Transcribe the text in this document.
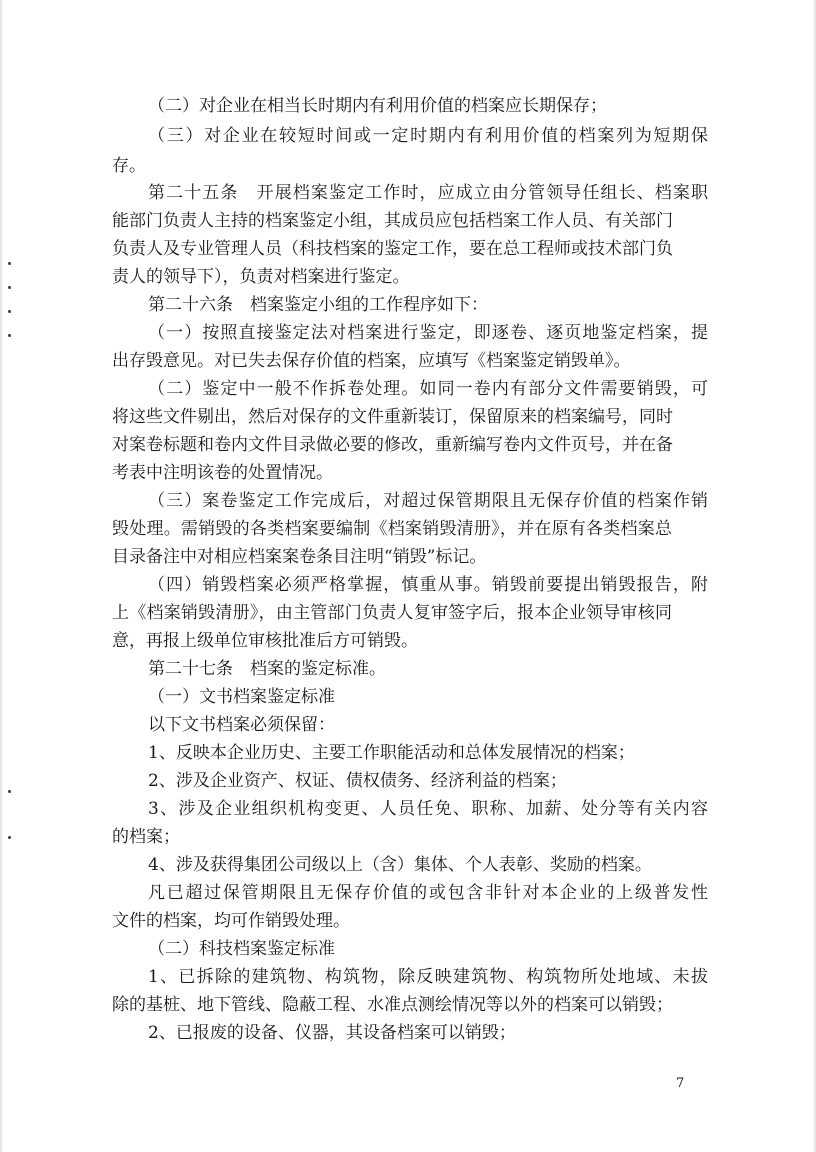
（二）对企业在相当长时期内有利用价值的档案应长期保存；
（三）对企业在较短时间或一定时期内有利用价值的档案列为短期保
存。
第二十五条　开展档案鉴定工作时，应成立由分管领导任组长、档案职
能部门负责人主持的档案鉴定小组，其成员应包括档案工作人员、有关部门
负责人及专业管理人员（科技档案的鉴定工作，要在总工程师或技术部门负
责人的领导下），负责对档案进行鉴定。
第二十六条　档案鉴定小组的工作程序如下：
（一）按照直接鉴定法对档案进行鉴定，即逐卷、逐页地鉴定档案，提
出存毁意见。对已失去保存价值的档案，应填写《档案鉴定销毁单》。
（二）鉴定中一般不作拆卷处理。如同一卷内有部分文件需要销毁，可
将这些文件剔出，然后对保存的文件重新装订，保留原来的档案编号，同时
对案卷标题和卷内文件目录做必要的修改，重新编写卷内文件页号，并在备
考表中注明该卷的处置情况。
（三）案卷鉴定工作完成后，对超过保管期限且无保存价值的档案作销
毁处理。需销毁的各类档案要编制《档案销毁清册》，并在原有各类档案总
目录备注中对相应档案案卷条目注明“销毁”标记。
（四）销毁档案必须严格掌握，慎重从事。销毁前要提出销毁报告，附
上《档案销毁清册》，由主管部门负责人复审签字后，报本企业领导审核同
意，再报上级单位审核批准后方可销毁。
第二十七条　档案的鉴定标准。
（一）文书档案鉴定标准
以下文书档案必须保留：
1、反映本企业历史、主要工作职能活动和总体发展情况的档案；
2、涉及企业资产、权证、债权债务、经济利益的档案；
3、涉及企业组织机构变更、人员任免、职称、加薪、处分等有关内容
的档案；
4、涉及获得集团公司级以上（含）集体、个人表彰、奖励的档案。
凡已超过保管期限且无保存价值的或包含非针对本企业的上级普发性
文件的档案，均可作销毁处理。
（二）科技档案鉴定标准
1、已拆除的建筑物、构筑物，除反映建筑物、构筑物所处地域、未拔
除的基桩、地下管线、隐蔽工程、水准点测绘情况等以外的档案可以销毁；
2、已报废的设备、仪器，其设备档案可以销毁；
7
